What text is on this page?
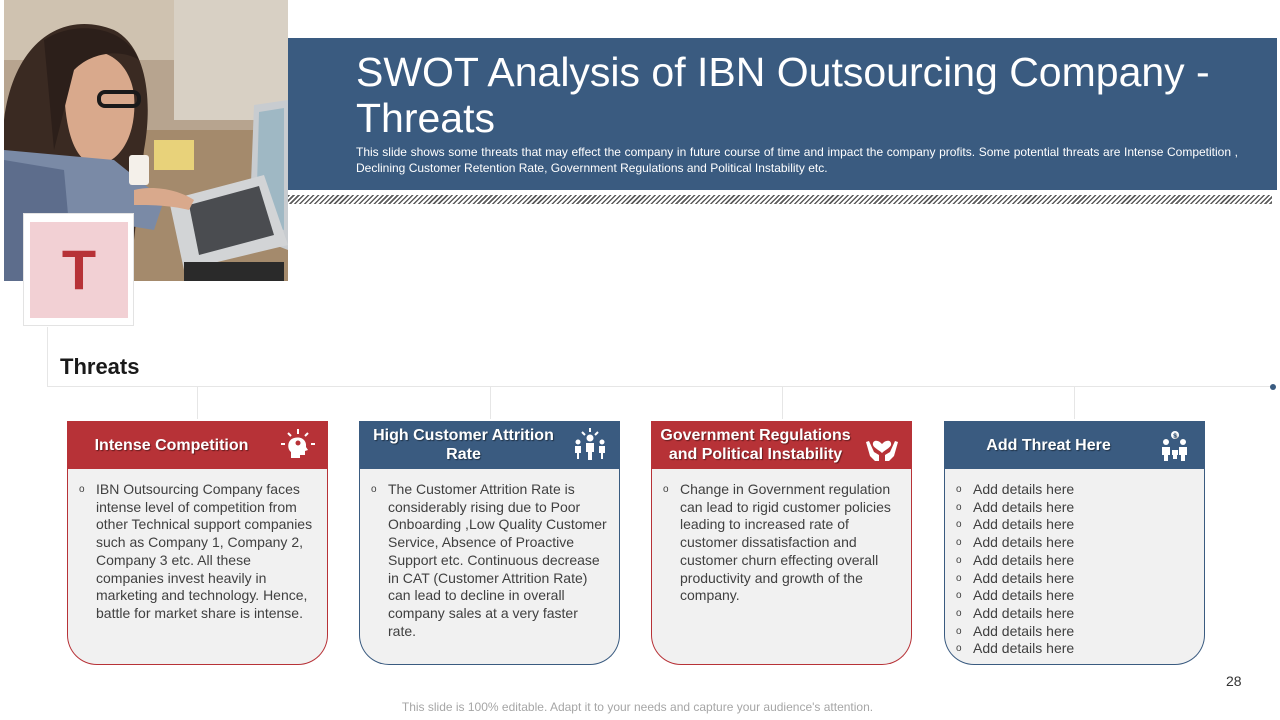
T
SWOT Analysis of IBN Outsourcing Company - Threats
This slide shows some threats that may effect the company in future course of time and impact the company profits. Some potential threats are Intense Competition , Declining Customer Retention Rate, Government Regulations and Political Instability etc.
Threats
Intense Competition
o IBN Outsourcing Company faces intense level of competition from other Technical support companies such as Company 1, Company 2, Company 3 etc. All these companies invest heavily in marketing and technology. Hence, battle for market share is intense.
High Customer Attrition Rate
o The Customer Attrition Rate is considerably rising due to Poor Onboarding ,Low Quality Customer Service, Absence of Proactive Support etc. Continuous decrease in CAT (Customer Attrition Rate) can lead to decline in overall company sales at a very faster rate.
Government Regulations and Political Instability
o Change in Government regulation can lead to rigid customer policies leading to increased rate of customer dissatisfaction and customer churn effecting overall productivity and growth of the company.
Add Threat Here
$
o Add details here
o Add details here
o Add details here
o Add details here
o Add details here
o Add details here
o Add details here
o Add details here
o Add details here
o Add details here
28
This slide is 100% editable. Adapt it to your needs and capture your audience's attention.
